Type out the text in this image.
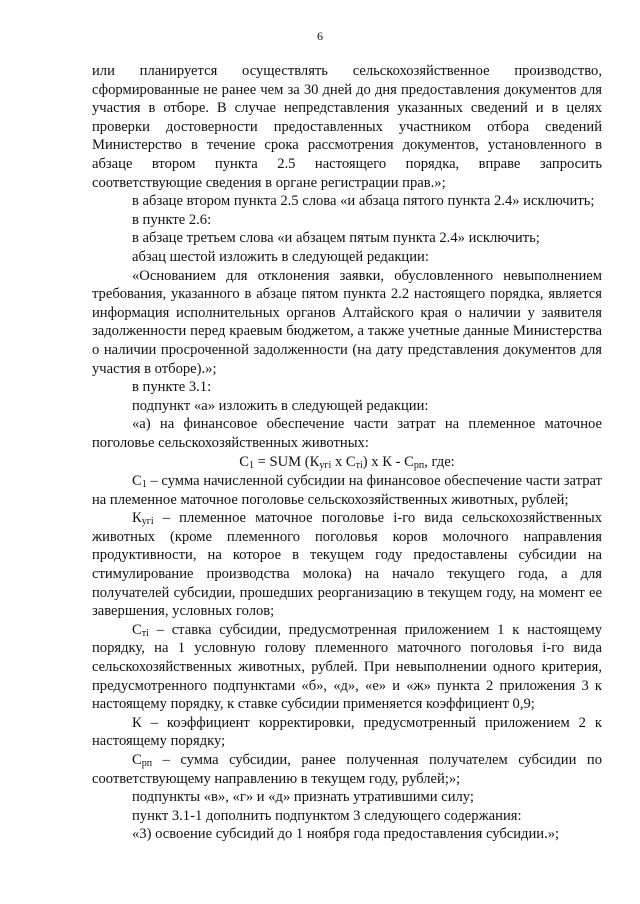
6

или планируется осуществлять сельскохозяйственное производство, сформированные не ранее чем за 30 дней до дня предоставления документов для участия в отборе. В случае непредставления указанных сведений и в целях проверки достоверности предоставленных участником отбора сведений Министерство в течение срока рассмотрения документов, установленного в абзаце втором пункта 2.5 настоящего порядка, вправе запросить соответствующие сведения в органе регистрации прав.»;

в абзаце втором пункта 2.5 слова «и абзаца пятого пункта 2.4» исключить;

в пункте 2.6:

в абзаце третьем слова «и абзацем пятым пункта 2.4» исключить;

абзац шестой изложить в следующей редакции:

«Основанием для отклонения заявки, обусловленного невыполнением требования, указанного в абзаце пятом пункта 2.2 настоящего порядка, является информация исполнительных органов Алтайского края о наличии у заявителя задолженности перед краевым бюджетом, а также учетные данные Министерства о наличии просроченной задолженности (на дату представления документов для участия в отборе).»;

в пункте 3.1:

подпункт «а» изложить в следующей редакции:

«а) на финансовое обеспечение части затрат на племенное маточное поголовье сельскохозяйственных животных:

$С_1$ = SUM ($К_{yгi}$ х $С_{тi}$) х К - $С_{рп}$, где:

$С_1$ – сумма начисленной субсидии на финансовое обеспечение части затрат на племенное маточное поголовье сельскохозяйственных животных, рублей;

$К_{yгi}$ – племенное маточное поголовье i-го вида сельскохозяйственных животных (кроме племенного поголовья коров молочного направления продуктивности, на которое в текущем году предоставлены субсидии на стимулирование производства молока) на начало текущего года, а для получателей субсидии, прошедших реорганизацию в текущем году, на момент ее завершения, условных голов;

$С_{тi}$ – ставка субсидии, предусмотренная приложением 1 к настоящему порядку, на 1 условную голову племенного маточного поголовья i-го вида сельскохозяйственных животных, рублей. При невыполнении одного критерия, предусмотренного подпунктами «б», «д», «е» и «ж» пункта 2 приложения 3 к настоящему порядку, к ставке субсидии применяется коэффициент 0,9;

К – коэффициент корректировки, предусмотренный приложением 2 к настоящему порядку;

$С_{рп}$ – сумма субсидии, ранее полученная получателем субсидии по соответствующему направлению в текущем году, рублей;»;

подпункты «в», «г» и «д» признать утратившими силу;

пункт 3.1-1 дополнить подпунктом 3 следующего содержания:

«3) освоение субсидий до 1 ноября года предоставления субсидии.»;
